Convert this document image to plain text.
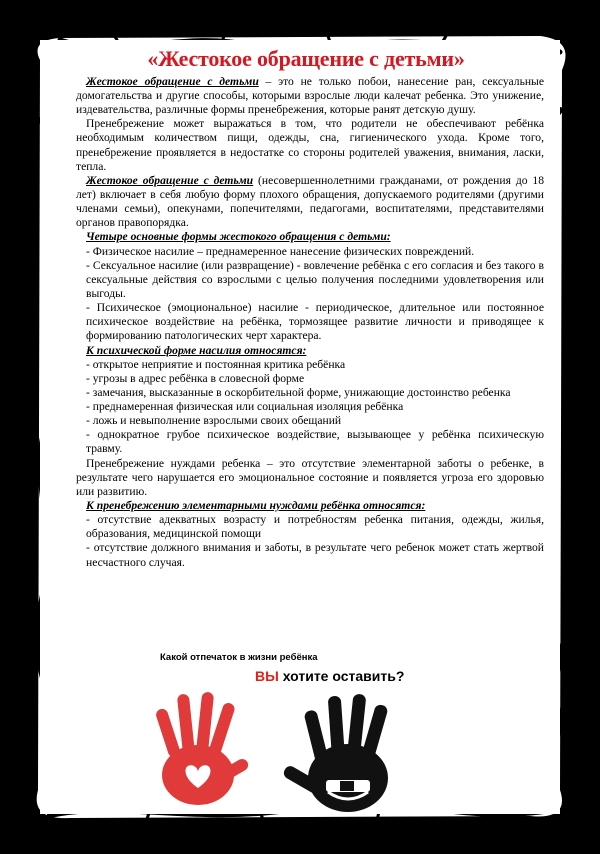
«Жестокое обращение с детьми»

Жестокое обращение с детьми – это не только побои, нанесение ран, сексуальные домогательства и другие способы, которыми взрослые люди калечат ребенка. Это унижение, издевательства, различные формы пренебрежения, которые ранят детскую душу.

Пренебрежение может выражаться в том, что родители не обеспечивают ребёнка необходимым количеством пищи, одежды, сна, гигиенического ухода. Кроме того, пренебрежение проявляется в недостатке со стороны родителей уважения, внимания, ласки, тепла.

Жестокое обращение с детьми (несовершеннолетними гражданами, от рождения до 18 лет) включает в себя любую форму плохого обращения, допускаемого родителями (другими членами семьи), опекунами, попечителями, педагогами, воспитателями, представителями органов правопорядка.

Четыре основные формы жестокого обращения с детьми:

- Физическое насилие – преднамеренное нанесение физических повреждений.

- Сексуальное насилие (или развращение) - вовлечение ребёнка с его согласия и без такого в сексуальные действия со взрослыми с целью получения последними удовлетворения или выгоды.

- Психическое (эмоциональное) насилие - периодическое, длительное или постоянное психическое воздействие на ребёнка, тормозящее развитие личности и приводящее к формированию патологических черт характера.

К психической форме насилия относятся:

- открытое неприятие и постоянная критика ребёнка

- угрозы в адрес ребёнка в словесной форме

- замечания, высказанные в оскорбительной форме, унижающие достоинство ребенка

- преднамеренная физическая или социальная изоляция ребёнка

- ложь и невыполнение взрослыми своих обещаний

- однократное грубое психическое воздействие, вызывающее у ребёнка психическую травму.

Пренебрежение нуждами ребенка – это отсутствие элементарной заботы о ребенке, в результате чего нарушается его эмоциональное состояние и появляется угроза его здоровью или развитию.

К пренебрежению элементарными нуждами ребёнка относятся:

- отсутствие адекватных возрасту и потребностям ребенка питания, одежды, жилья, образования, медицинской помощи

- отсутствие должного внимания и заботы, в результате чего ребенок может стать жертвой несчастного случая.

Какой отпечаток в жизни ребёнка
ВЫ хотите оставить?
